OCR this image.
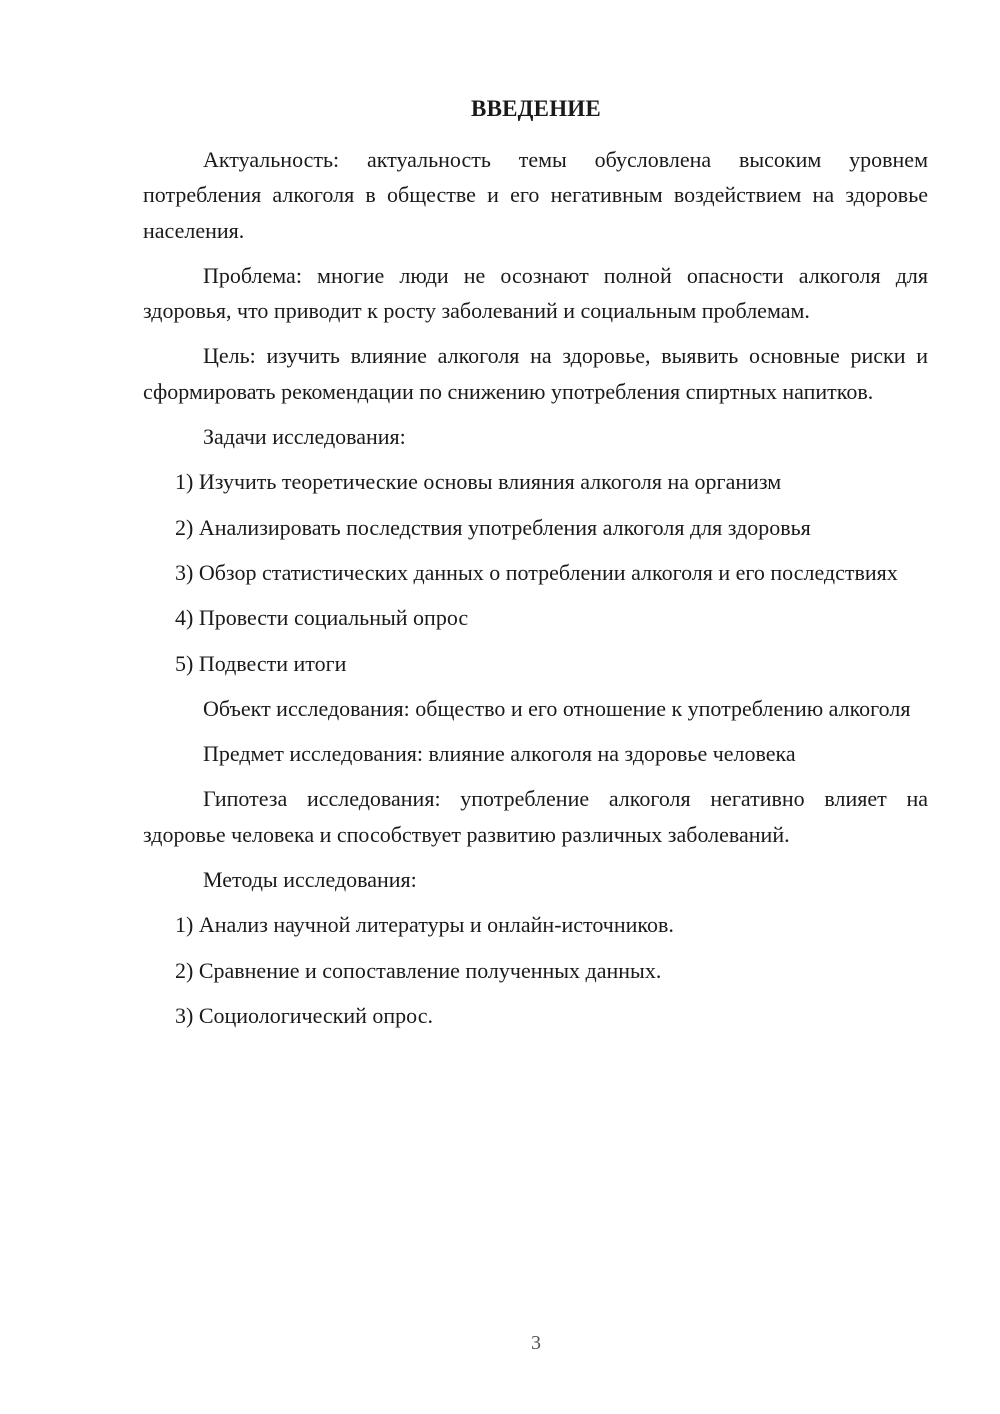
ВВЕДЕНИЕ

Актуальность: актуальность темы обусловлена высоким уровнем потребления алкоголя в обществе и его негативным воздействием на здоровье населения.

Проблема: многие люди не осознают полной опасности алкоголя для здоровья, что приводит к росту заболеваний и социальным проблемам.

Цель: изучить влияние алкоголя на здоровье, выявить основные риски и сформировать рекомендации по снижению употребления спиртных напитков.

Задачи исследования:

1) Изучить теоретические основы влияния алкоголя на организм

2) Анализировать последствия употребления алкоголя для здоровья

3) Обзор статистических данных о потреблении алкоголя и его последствиях

4) Провести социальный опрос

5) Подвести итоги

Объект исследования: общество и его отношение к употреблению алкоголя

Предмет исследования: влияние алкоголя на здоровье человека

Гипотеза исследования: употребление алкоголя негативно влияет на здоровье человека и способствует развитию различных заболеваний.

Методы исследования:

1) Анализ научной литературы и онлайн-источников.

2) Сравнение и сопоставление полученных данных.

3) Социологический опрос.

3
